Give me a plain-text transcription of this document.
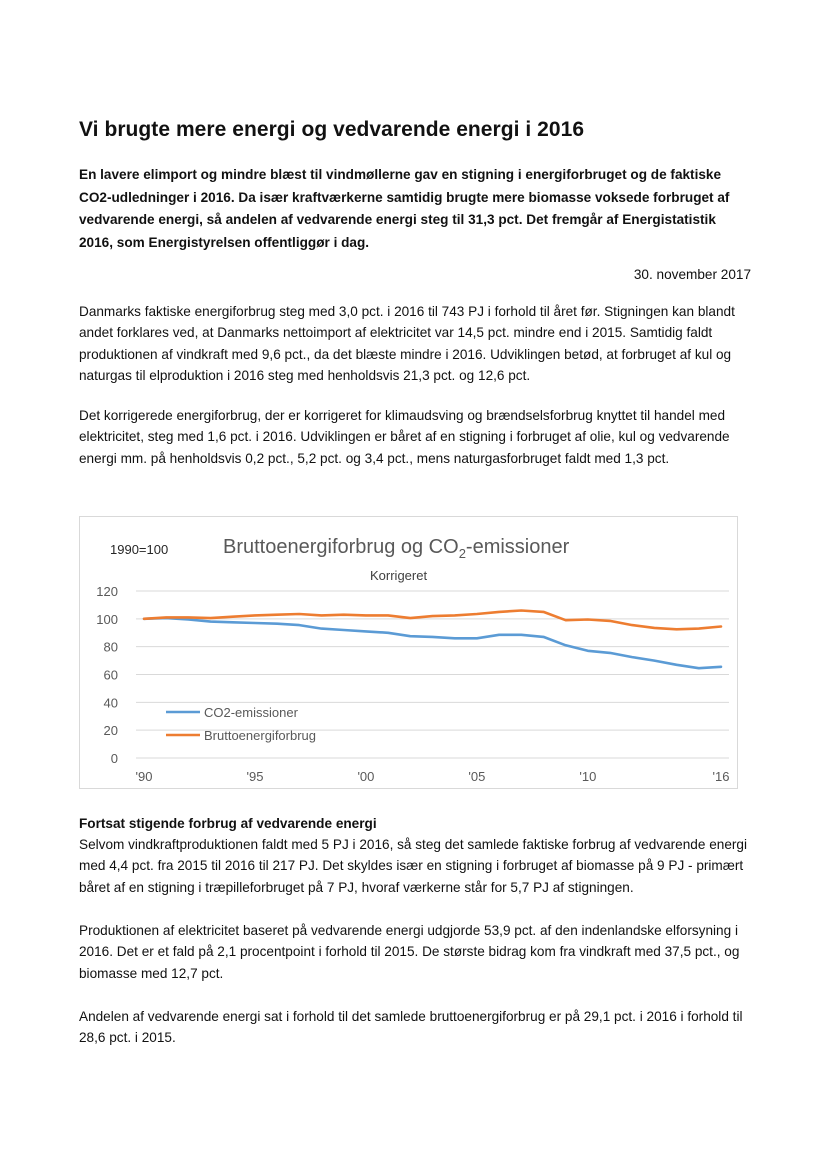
Vi brugte mere energi og vedvarende energi i 2016

En lavere elimport og mindre blæst til vindmøllerne gav en stigning i energiforbruget og de faktiske CO2-udledninger i 2016. Da især kraftværkerne samtidig brugte mere biomasse voksede forbruget af vedvarende energi, så andelen af vedvarende energi steg til 31,3 pct. Det fremgår af Energistatistik 2016, som Energistyrelsen offentliggør i dag.

30. november 2017

Danmarks faktiske energiforbrug steg med 3,0 pct. i 2016 til 743 PJ i forhold til året før. Stigningen kan blandt andet forklares ved, at Danmarks nettoimport af elektricitet var 14,5 pct. mindre end i 2015. Samtidig faldt produktionen af vindkraft med 9,6 pct., da det blæste mindre i 2016. Udviklingen betød, at forbruget af kul og naturgas til elproduktion i 2016 steg med henholdsvis 21,3 pct. og 12,6 pct.

Det korrigerede energiforbrug, der er korrigeret for klimaudsving og brændselsforbrug knyttet til handel med elektricitet, steg med 1,6 pct. i 2016. Udviklingen er båret af en stigning i forbruget af olie, kul og vedvarende energi mm. på henholdsvis 0,2 pct., 5,2 pct. og 3,4 pct., mens naturgasforbruget faldt med 1,3 pct.

Fortsat stigende forbrug af vedvarende energi

Selvom vindkraftproduktionen faldt med 5 PJ i 2016, så steg det samlede faktiske forbrug af vedvarende energi med 4,4 pct. fra 2015 til 2016 til 217 PJ. Det skyldes især en stigning i forbruget af biomasse på 9 PJ - primært båret af en stigning i træpilleforbruget på 7 PJ, hvoraf værkerne står for 5,7 PJ af stigningen.

Produktionen af elektricitet baseret på vedvarende energi udgjorde 53,9 pct. af den indenlandske elforsyning i 2016. Det er et fald på 2,1 procentpoint i forhold til 2015. De største bidrag kom fra vindkraft med 37,5 pct., og biomasse med 12,7 pct.

Andelen af vedvarende energi sat i forhold til det samlede bruttoenergiforbrug er på 29,1 pct. i 2016 i forhold til 28,6 pct. i 2015.

1990=100	Bruttoenergiforbrug og $CO_2$-emissioner
Korrigeret
0
20
40
60
80
100
120
'90	'95	'00	'05	'10	'16
CO2-emissioner
Bruttoenergiforbrug
